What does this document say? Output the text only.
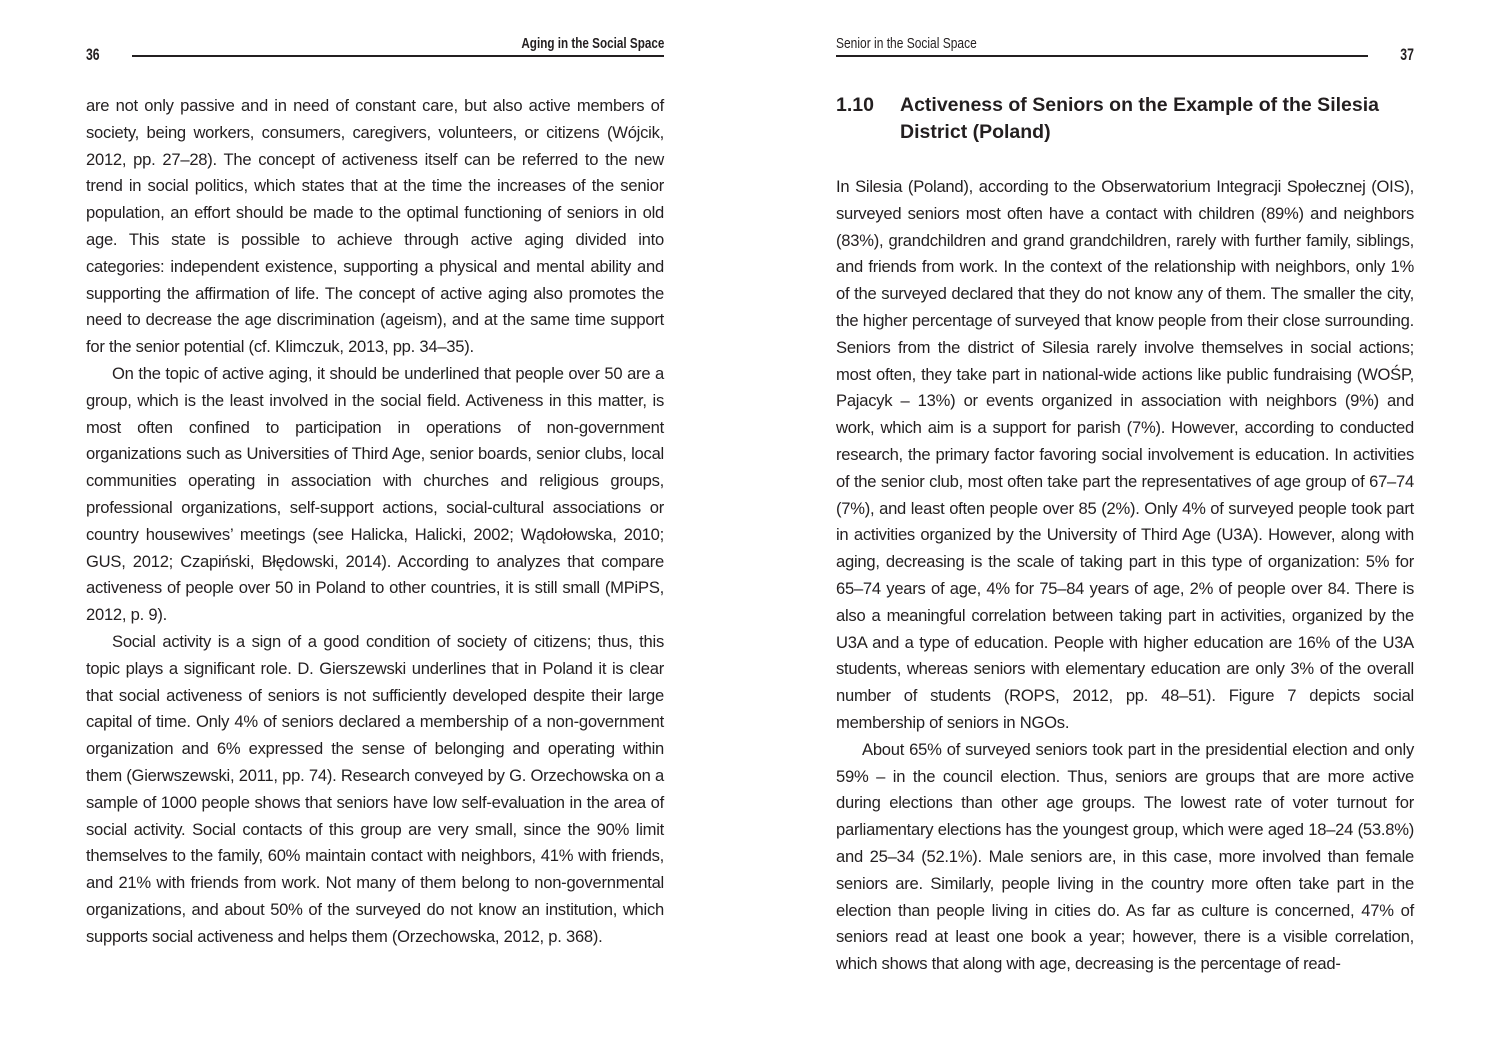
36
Aging in the Social Space

are not only passive and in need of constant care, but also active members of society, being workers, consumers, caregivers, volunteers, or citizens (Wójcik, 2012, pp. 27–28). The concept of activeness itself can be referred to the new trend in social politics, which states that at the time the increases of the senior population, an effort should be made to the optimal functioning of seniors in old age. This state is possible to achieve through active aging divided into categories: independent existence, supporting a physical and mental ability and supporting the affirmation of life. The concept of active aging also promotes the need to decrease the age discrimination (ageism), and at the same time support for the senior potential (cf. Klimczuk, 2013, pp. 34–35).

On the topic of active aging, it should be underlined that people over 50 are a group, which is the least involved in the social field. Activeness in this matter, is most often confined to participation in operations of non-government organizations such as Universities of Third Age, senior boards, senior clubs, local communities operating in association with churches and religious groups, professional organizations, self-support actions, social-cultural associations or country housewives’ meetings (see Halicka, Halicki, 2002; Wądołowska, 2010; GUS, 2012; Czapiński, Błędowski, 2014). According to analyzes that compare activeness of people over 50 in Poland to other countries, it is still small (MPiPS, 2012, p. 9).

Social activity is a sign of a good condition of society of citizens; thus, this topic plays a significant role. D. Gierszewski underlines that in Poland it is clear that social activeness of seniors is not sufficiently developed despite their large capital of time. Only 4% of seniors declared a membership of a non-government organization and 6% expressed the sense of belonging and operating within them (Gierwszewski, 2011, pp. 74). Research conveyed by G. Orzechowska on a sample of 1000 people shows that seniors have low self-evaluation in the area of social activity. Social contacts of this group are very small, since the 90% limit themselves to the family, 60% maintain contact with neighbors, 41% with friends, and 21% with friends from work. Not many of them belong to non-governmental organizations, and about 50% of the surveyed do not know an institution, which supports social activeness and helps them (Orzechowska, 2012, p. 368).

Senior in the Social Space
37
1.10	Activeness of Seniors on the Example of the Silesia District (Poland)

In Silesia (Poland), according to the Obserwatorium Integracji Społecznej (OIS), surveyed seniors most often have a contact with children (89%) and neighbors (83%), grandchildren and grand grandchildren, rarely with further family, siblings, and friends from work. In the context of the relationship with neighbors, only 1% of the surveyed declared that they do not know any of them. The smaller the city, the higher percentage of surveyed that know people from their close surrounding. Seniors from the district of Silesia rarely involve themselves in social actions; most often, they take part in national-wide actions like public fundraising (WOŚP, Pajacyk – 13%) or events organized in association with neighbors (9%) and work, which aim is a support for parish (7%). However, according to conducted research, the primary factor favoring social involvement is education. In activities of the senior club, most often take part the representatives of age group of 67–74 (7%), and least often people over 85 (2%). Only 4% of surveyed people took part in activities organized by the University of Third Age (U3A). However, along with aging, decreasing is the scale of taking part in this type of organization: 5% for 65–74 years of age, 4% for 75–84 years of age, 2% of people over 84. There is also a meaningful correlation between taking part in activities, organized by the U3A and a type of education. People with higher education are 16% of the U3A students, whereas seniors with elementary education are only 3% of the overall number of students (ROPS, 2012, pp. 48–51). Figure 7 depicts social membership of seniors in NGOs.

About 65% of surveyed seniors took part in the presidential election and only 59% – in the council election. Thus, seniors are groups that are more active during elections than other age groups. The lowest rate of voter turnout for parliamentary elections has the youngest group, which were aged 18–24 (53.8%) and 25–34 (52.1%). Male seniors are, in this case, more involved than female seniors are. Similarly, people living in the country more often take part in the election than people living in cities do. As far as culture is concerned, 47% of seniors read at least one book a year; however, there is a visible correlation, which shows that along with age, decreasing is the percentage of read-
